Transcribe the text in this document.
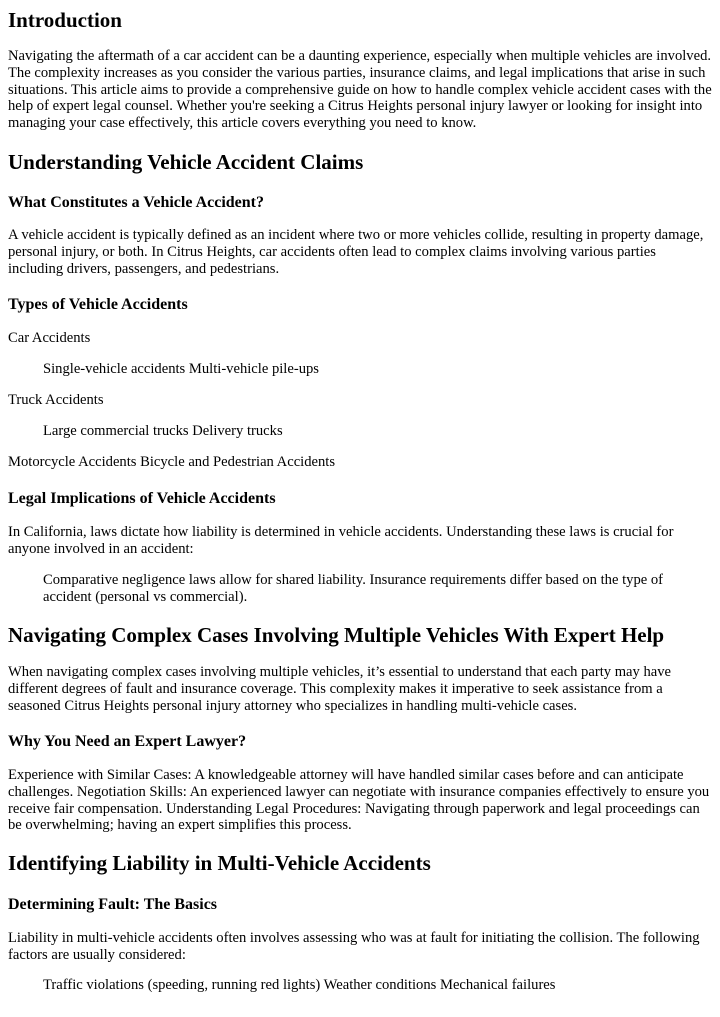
Introduction

Navigating the aftermath of a car accident can be a daunting experience, especially when multiple vehicles are involved. The complexity increases as you consider the various parties, insurance claims, and legal implications that arise in such situations. This article aims to provide a comprehensive guide on how to handle complex vehicle accident cases with the help of expert legal counsel. Whether you're seeking a Citrus Heights personal injury lawyer or looking for insight into managing your case effectively, this article covers everything you need to know.

Understanding Vehicle Accident Claims
What Constitutes a Vehicle Accident?

A vehicle accident is typically defined as an incident where two or more vehicles collide, resulting in property damage, personal injury, or both. In Citrus Heights, car accidents often lead to complex claims involving various parties including drivers, passengers, and pedestrians.

Types of Vehicle Accidents

Car Accidents

Single-vehicle accidents Multi-vehicle pile-ups

Truck Accidents

Large commercial trucks Delivery trucks

Motorcycle Accidents Bicycle and Pedestrian Accidents

Legal Implications of Vehicle Accidents

In California, laws dictate how liability is determined in vehicle accidents. Understanding these laws is crucial for anyone involved in an accident:

Comparative negligence laws allow for shared liability. Insurance requirements differ based on the type of accident (personal vs commercial).

Navigating Complex Cases Involving Multiple Vehicles With Expert Help

When navigating complex cases involving multiple vehicles, it’s essential to understand that each party may have different degrees of fault and insurance coverage. This complexity makes it imperative to seek assistance from a seasoned Citrus Heights personal injury attorney who specializes in handling multi-vehicle cases.

Why You Need an Expert Lawyer?

Experience with Similar Cases: A knowledgeable attorney will have handled similar cases before and can anticipate challenges. Negotiation Skills: An experienced lawyer can negotiate with insurance companies effectively to ensure you receive fair compensation. Understanding Legal Procedures: Navigating through paperwork and legal proceedings can be overwhelming; having an expert simplifies this process.

Identifying Liability in Multi-Vehicle Accidents
Determining Fault: The Basics

Liability in multi-vehicle accidents often involves assessing who was at fault for initiating the collision. The following factors are usually considered:

Traffic violations (speeding, running red lights) Weather conditions Mechanical failures
